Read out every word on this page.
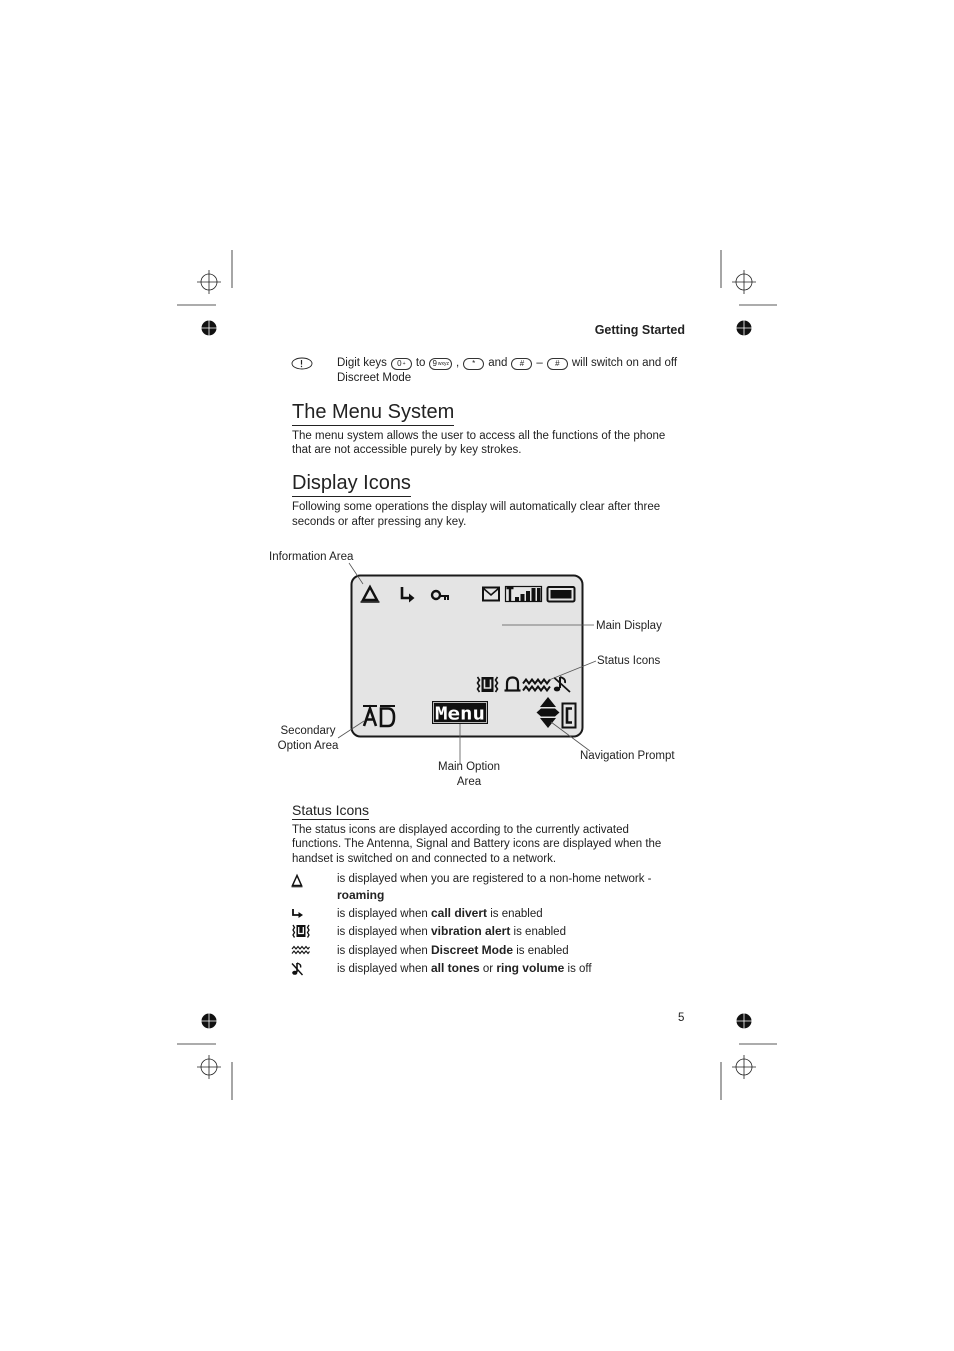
Getting Started
Digit keys 0 + to 9 wxyz , * and # – # will switch on and off
Discreet Mode
The Menu System
The menu system allows the user to access all the functions of the phone
that are not accessible purely by key strokes.
Display Icons
Following some operations the display will automatically clear after three
seconds or after pressing any key.
Menu
Information Area
Main Display
Status Icons
Secondary
Option Area
Main Option
Area
Navigation Prompt
Status Icons
The status icons are displayed according to the currently activated
functions. The Antenna, Signal and Battery icons are displayed when the
handset is switched on and connected to a network.
is displayed when you are registered to a non-home network -
roaming
is displayed when call divert is enabled
is displayed when vibration alert is enabled
is displayed when Discreet Mode is enabled
is displayed when all tones or ring volume is off
5
